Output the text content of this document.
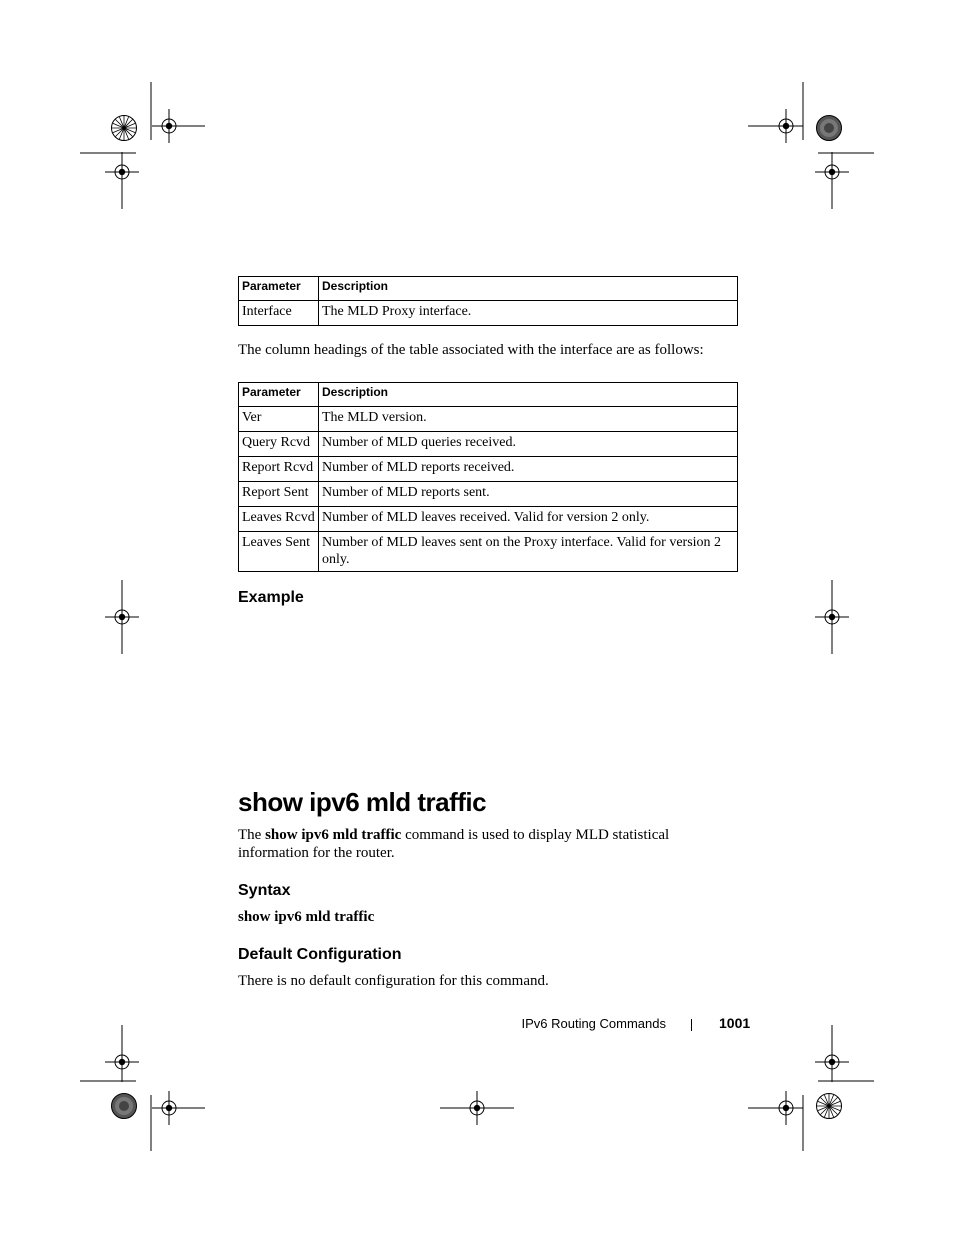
Parameter	Description
Interface	The MLD Proxy interface.

The column headings of the table associated with the interface are as follows:

Parameter	Description
Ver	The MLD version.
Query Rcvd	Number of MLD queries received.
Report Rcvd	Number of MLD reports received.
Report Sent	Number of MLD reports sent.
Leaves Rcvd	Number of MLD leaves received. Valid for version 2 only.
Leaves Sent	Number of MLD leaves sent on the Proxy interface. Valid for version 2 only.
Example
show ipv6 mld traffic

The show ipv6 mld traffic command is used to display MLD statistical information for the router.

Syntax

show ipv6 mld traffic

Default Configuration

There is no default configuration for this command.

IPv6 Routing Commands	1001
